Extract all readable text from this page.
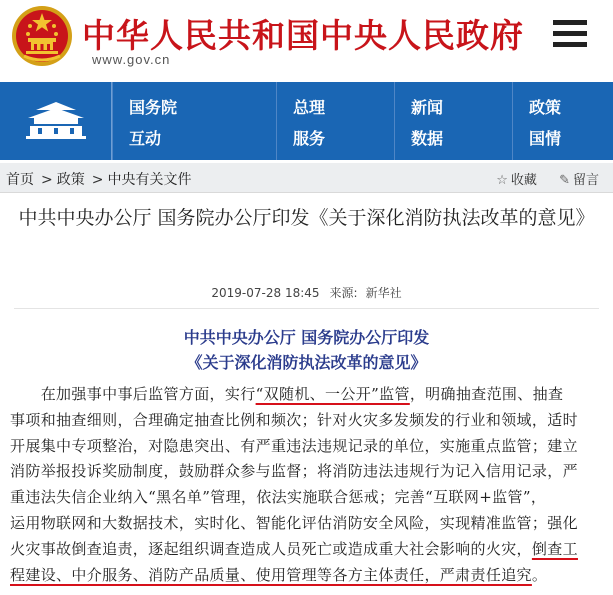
中华人民共和国中央人民政府
www.gov.cn
国务院
互动
总理
服务
新闻
数据
政策
国情
首页 > 政策 > 中央有关文件	☆ 收藏 ✎ 留言
中共中央办公厅 国务院办公厅印发《关于深化消防执法改革的意见》
2019-07-28 18:45 来源: 新华社
中共中央办公厅 国务院办公厅印发
《关于深化消防执法改革的意见》
　　在加强事中事后监管方面，实行“双随机、一公开”监管，明确抽查范围、抽查
事项和抽查细则，合理确定抽查比例和频次；针对火灾多发频发的行业和领域，适时
开展集中专项整治，对隐患突出、有严重违法违规记录的单位，实施重点监管；建立
消防举报投诉奖励制度，鼓励群众参与监督；将消防违法违规行为记入信用记录，严
重违法失信企业纳入“黑名单”管理，依法实施联合惩戒；完善“互联网+监管”，
运用物联网和大数据技术，实时化、智能化评估消防安全风险，实现精准监管；强化
火灾事故倒查追责，逐起组织调查造成人员死亡或造成重大社会影响的火灾，倒查工
程建设、中介服务、消防产品质量、使用管理等各方主体责任，严肃责任追究。
